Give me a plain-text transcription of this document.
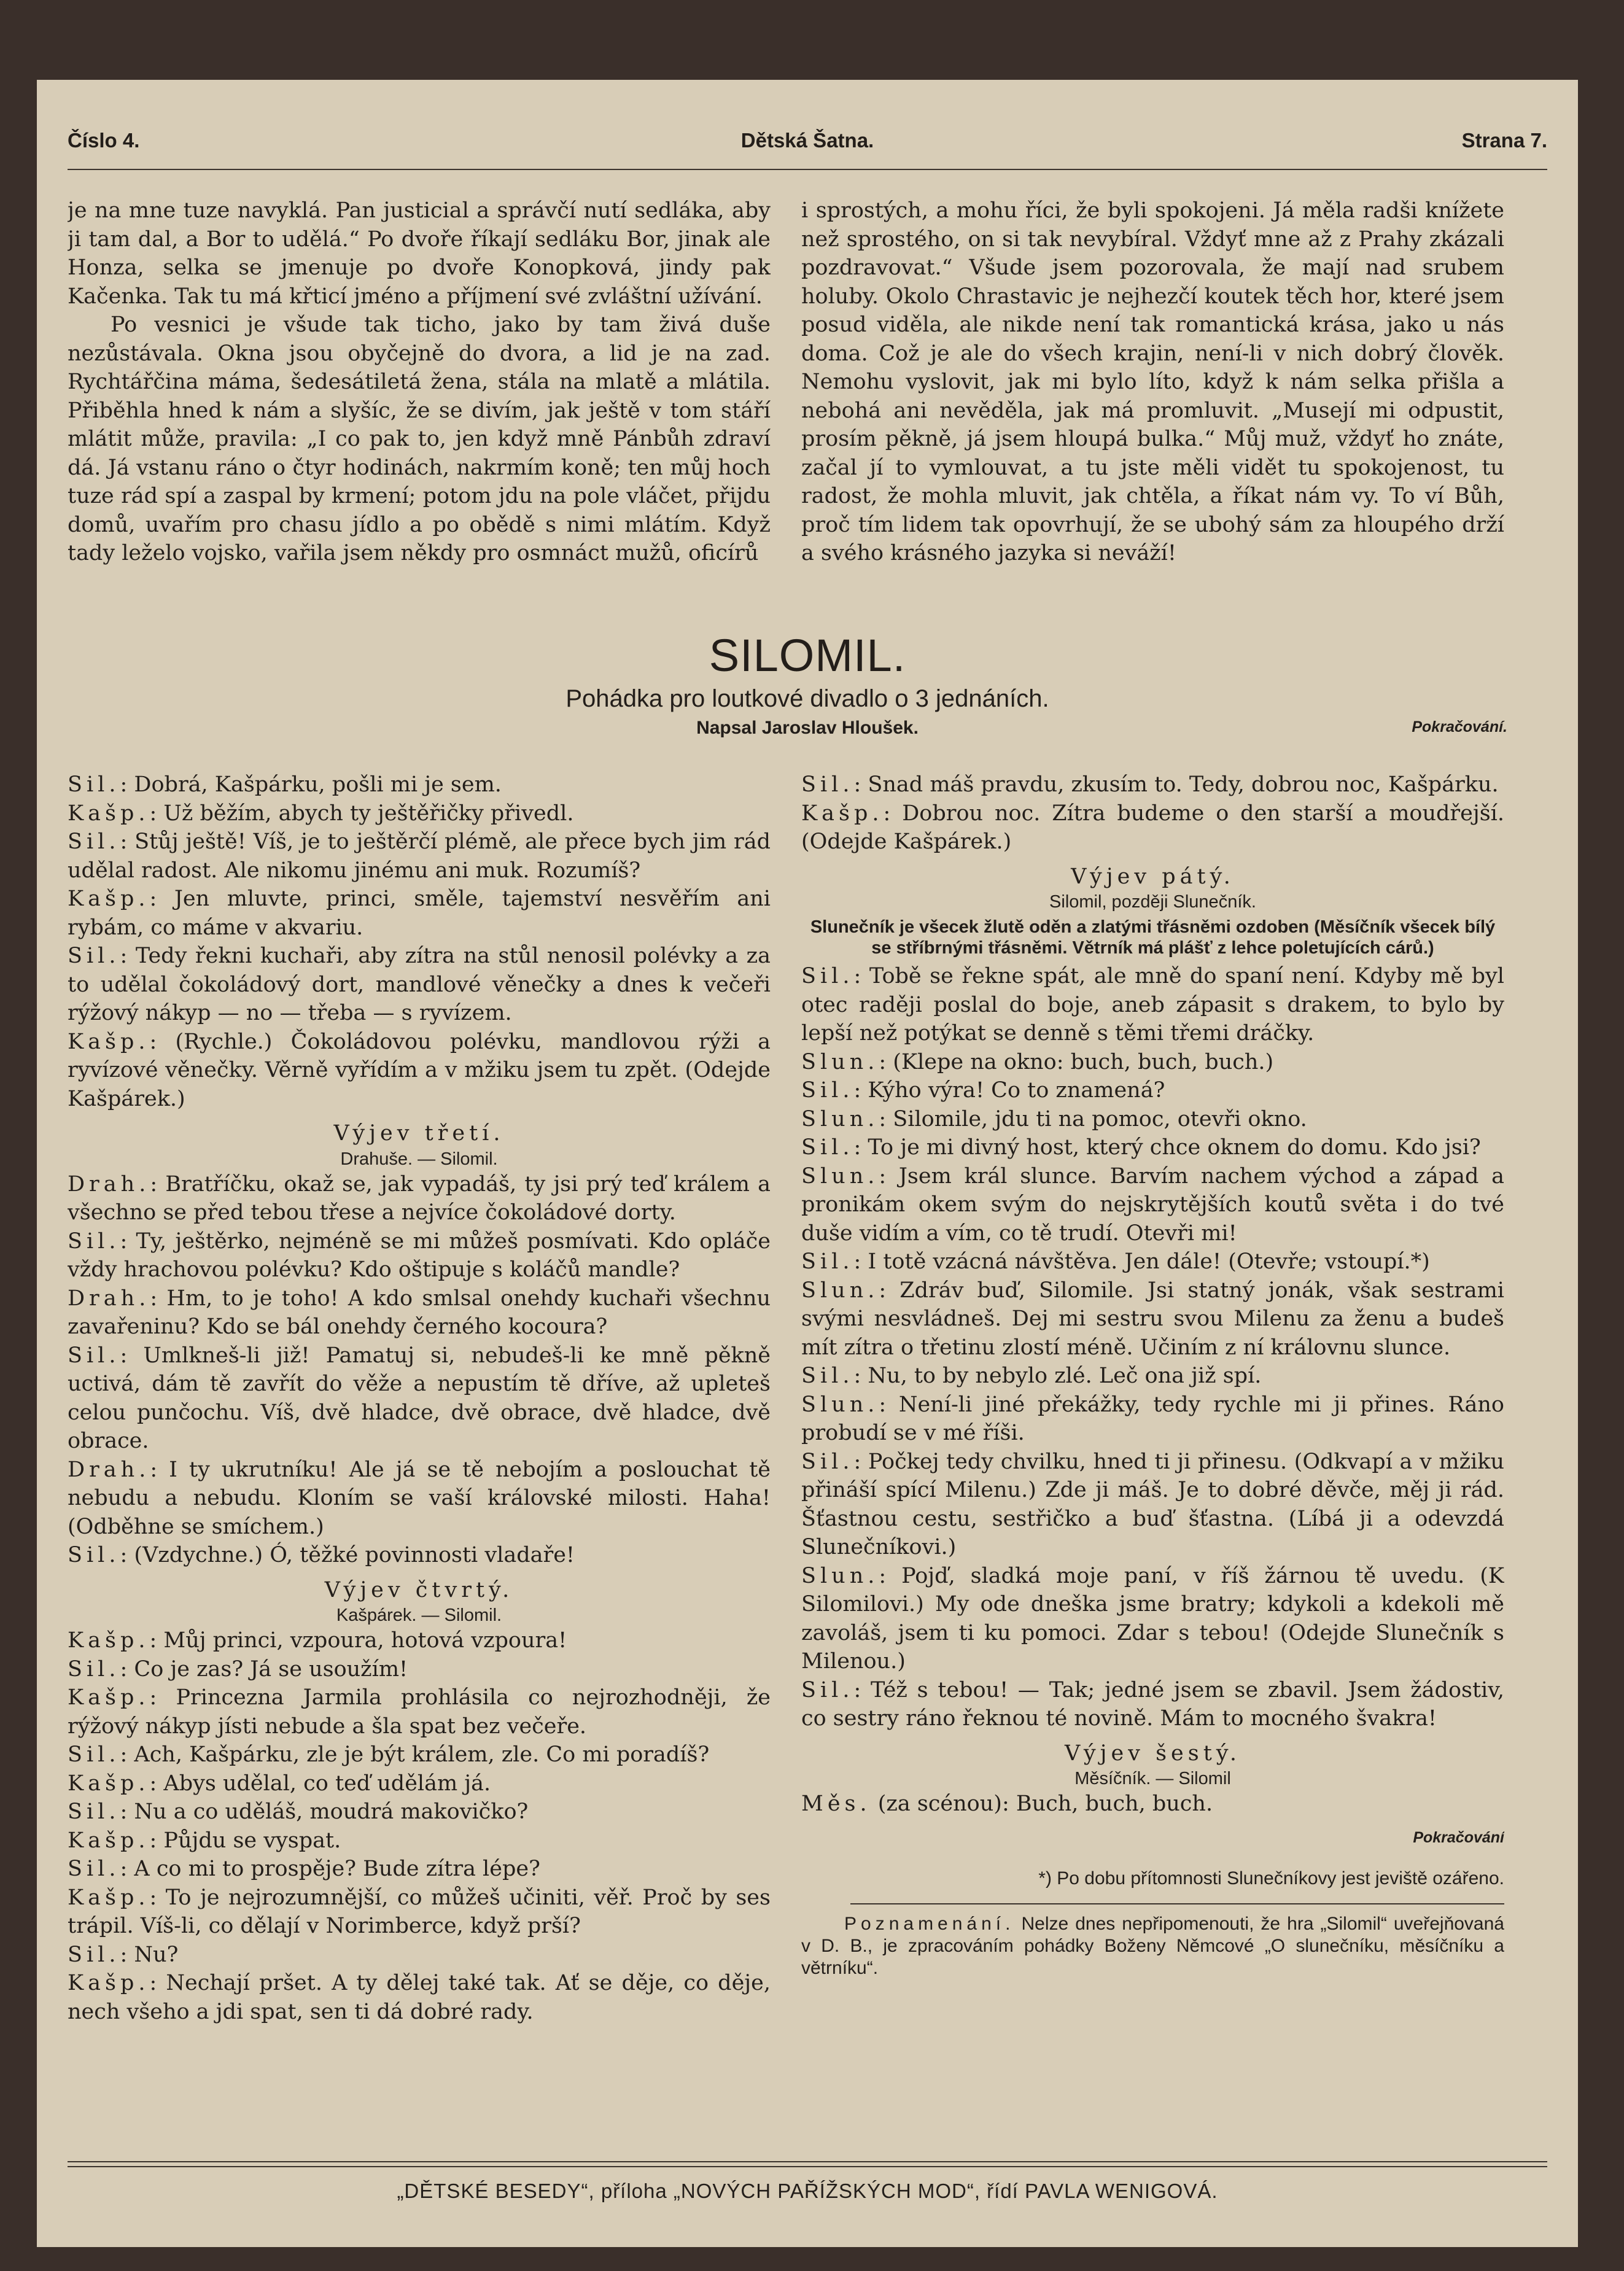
Číslo 4.	Dětská Šatna.	Strana 7.

je na mne tuze navyklá. Pan justicial a správčí nutí sedláka, aby ji tam dal, a Bor to udělá.“ Po dvoře říkají sedláku Bor, jinak ale Honza, selka se jmenuje po dvoře Konopková, jindy pak Kačenka. Tak tu má křticí jméno a příjmení své zvláštní užívání.

Po vesnici je všude tak ticho, jako by tam živá duše nezůstávala. Okna jsou obyčejně do dvora, a lid je na zad. Rychtářčina máma, šedesátiletá žena, stála na mlatě a mlátila. Přiběhla hned k nám a slyšíc, že se divím, jak ještě v tom stáří mlátit může, pravila: „I co pak to, jen když mně Pánbůh zdraví dá. Já vstanu ráno o čtyr hodinách, nakrmím koně; ten můj hoch tuze rád spí a zaspal by krmení; potom jdu na pole vláčet, přijdu domů, uvařím pro chasu jídlo a po obědě s nimi mlátím. Když tady leželo vojsko, vařila jsem někdy pro osmnáct mužů, oficírů

i sprostých, a mohu říci, že byli spokojeni. Já měla radši knížete než sprostého, on si tak nevybíral. Vždyť mne až z Prahy zkázali pozdravovat.“ Všude jsem pozorovala, že mají nad srubem holuby. Okolo Chrastavic je nejhezčí koutek těch hor, které jsem posud viděla, ale nikde není tak romantická krása, jako u nás doma. Což je ale do všech krajin, není-li v nich dobrý člověk. Nemohu vyslovit, jak mi bylo líto, když k nám selka přišla a nebohá ani nevěděla, jak má promluvit. „Musejí mi odpustit, prosím pěkně, já jsem hloupá bulka.“ Můj muž, vždyť ho znáte, začal jí to vymlouvat, a tu jste měli vidět tu spokojenost, tu radost, že mohla mluvit, jak chtěla, a říkat nám vy. To ví Bůh, proč tím lidem tak opovrhují, že se ubohý sám za hloupého drží a svého krásného jazyka si neváží!

SILOMIL.
Pohádka pro loutkové divadlo o 3 jednáních.
Napsal Jaroslav Hloušek.	Pokračování.

Sil.: Dobrá, Kašpárku, pošli mi je sem.

Kašp.: Už běžím, abych ty ještěřičky přivedl.

Sil.: Stůj ještě! Víš, je to ještěrčí plémě, ale přece bych jim rád udělal radost. Ale nikomu jinému ani muk. Rozumíš?

Kašp.: Jen mluvte, princi, směle, tajemství nesvěřím ani rybám, co máme v akvariu.

Sil.: Tedy řekni kuchaři, aby zítra na stůl nenosil polévky a za to udělal čokoládový dort, mandlové věnečky a dnes k večeři rýžový nákyp — no — třeba — s ryvízem.

Kašp.: (Rychle.) Čokoládovou polévku, mandlovou rýži a ryvízové věnečky. Věrně vyřídím a v mžiku jsem tu zpět. (Odejde Kašpárek.)

Výjev třetí.
Drahuše. — Silomil.

Drah.: Bratříčku, okaž se, jak vypadáš, ty jsi prý teď králem a všechno se před tebou třese a nejvíce čokoládové dorty.

Sil.: Ty, ještěrko, nejméně se mi můžeš posmívati. Kdo opláče vždy hrachovou polévku? Kdo oštipuje s koláčů mandle?

Drah.: Hm, to je toho! A kdo smlsal onehdy kuchaři všechnu zavařeninu? Kdo se bál onehdy černého kocoura?

Sil.: Umlkneš-li již! Pamatuj si, nebudeš-li ke mně pěkně uctivá, dám tě zavřít do věže a nepustím tě dříve, až upleteš celou punčochu. Víš, dvě hladce, dvě obrace, dvě hladce, dvě obrace.

Drah.: I ty ukrutníku! Ale já se tě nebojím a poslouchat tě nebudu a nebudu. Kloním se vaší královské milosti. Haha! (Odběhne se smíchem.)

Sil.: (Vzdychne.) Ó, těžké povinnosti vladaře!

Výjev čtvrtý.
Kašpárek. — Silomil.

Kašp.: Můj princi, vzpoura, hotová vzpoura!

Sil.: Co je zas? Já se usoužím!

Kašp.: Princezna Jarmila prohlásila co nejrozhodněji, že rýžový nákyp jísti nebude a šla spat bez večeře.

Sil.: Ach, Kašpárku, zle je být králem, zle. Co mi poradíš?

Kašp.: Abys udělal, co teď udělám já.

Sil.: Nu a co uděláš, moudrá makovičko?

Kašp.: Půjdu se vyspat.

Sil.: A co mi to prospěje? Bude zítra lépe?

Kašp.: To je nejrozumnější, co můžeš učiniti, věř. Proč by ses trápil. Víš-li, co dělají v Norimberce, když prší?

Sil.: Nu?

Kašp.: Nechají pršet. A ty dělej také tak. Ať se děje, co děje, nech všeho a jdi spat, sen ti dá dobré rady.

Sil.: Snad máš pravdu, zkusím to. Tedy, dobrou noc, Kašpárku.

Kašp.: Dobrou noc. Zítra budeme o den starší a moudřejší. (Odejde Kašpárek.)

Výjev pátý.
Silomil, později Slunečník.
Slunečník je všecek žlutě oděn a zlatými třásněmi ozdoben (Měsíčník všecek bílý se stříbrnými třásněmi. Větrník má plášť z lehce poletujících cárů.)

Sil.: Tobě se řekne spát, ale mně do spaní není. Kdyby mě byl otec raději poslal do boje, aneb zápasit s drakem, to bylo by lepší než potýkat se denně s těmi třemi dráčky.

Slun.: (Klepe na okno: buch, buch, buch.)

Sil.: Kýho výra! Co to znamená?

Slun.: Silomile, jdu ti na pomoc, otevři okno.

Sil.: To je mi divný host, který chce oknem do domu. Kdo jsi?

Slun.: Jsem král slunce. Barvím nachem východ a západ a pronikám okem svým do nejskrytějších koutů světa i do tvé duše vidím a vím, co tě trudí. Otevři mi!

Sil.: I totě vzácná návštěva. Jen dále! (Otevře; vstoupí.*)

Slun.: Zdráv buď, Silomile. Jsi statný jonák, však sestrami svými nesvládneš. Dej mi sestru svou Milenu za ženu a budeš mít zítra o třetinu zlostí méně. Učiním z ní královnu slunce.

Sil.: Nu, to by nebylo zlé. Leč ona již spí.

Slun.: Není-li jiné překážky, tedy rychle mi ji přines. Ráno probudí se v mé říši.

Sil.: Počkej tedy chvilku, hned ti ji přinesu. (Odkvapí a v mžiku přináší spící Milenu.) Zde ji máš. Je to dobré děvče, měj ji rád. Šťastnou cestu, sestřičko a buď šťastna. (Líbá ji a odevzdá Slunečníkovi.)

Slun.: Pojď, sladká moje paní, v říš žárnou tě uvedu. (K Silomilovi.) My ode dneška jsme bratry; kdykoli a kdekoli mě zavoláš, jsem ti ku pomoci. Zdar s tebou! (Odejde Slunečník s Milenou.)

Sil.: Též s tebou! — Tak; jedné jsem se zbavil. Jsem žádostiv, co sestry ráno řeknou té novině. Mám to mocného švakra!

Výjev šestý.
Měsíčník. — Silomil

Měs. (za scénou): Buch, buch, buch.

Pokračování
*) Po dobu přítomnosti Slunečníkovy jest jeviště ozářeno.
Poznamenání. Nelze dnes nepřipomenouti, že hra „Silomil“ uveřejňovaná v D. B., je zpracováním pohádky Boženy Němcové „O slunečníku, měsíčníku a větrníku“.
„DĚTSKÉ BESEDY“, příloha „NOVÝCH PAŘÍŽSKÝCH MOD“, řídí PAVLA WENIGOVÁ.
